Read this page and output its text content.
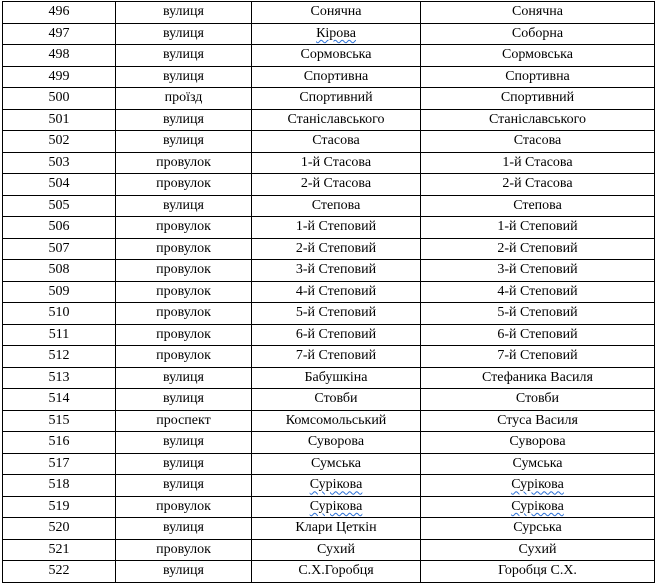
496	вулиця	Сонячна	Сонячна
497	вулиця	Кірова	Соборна
498	вулиця	Сормовська	Сормовська
499	вулиця	Спортивна	Спортивна
500	проїзд	Спортивний	Спортивний
501	вулиця	Станіславського	Станіславського
502	вулиця	Стасова	Стасова
503	провулок	1-й Стасова	1-й Стасова
504	провулок	2-й Стасова	2-й Стасова
505	вулиця	Степова	Степова
506	провулок	1-й Степовий	1-й Степовий
507	провулок	2-й Степовий	2-й Степовий
508	провулок	3-й Степовий	3-й Степовий
509	провулок	4-й Степовий	4-й Степовий
510	провулок	5-й Степовий	5-й Степовий
511	провулок	6-й Степовий	6-й Степовий
512	провулок	7-й Степовий	7-й Степовий
513	вулиця	Бабушкіна	Стефаника Василя
514	вулиця	Стовби	Стовби
515	проспект	Комсомольський	Стуса Василя
516	вулиця	Суворова	Суворова
517	вулиця	Сумська	Сумська
518	вулиця	Сурікова	Сурікова
519	провулок	Сурікова	Сурікова
520	вулиця	Клари Цеткін	Сурська
521	провулок	Сухий	Сухий
522	вулиця	С.Х.Горобця	Горобця С.Х.
